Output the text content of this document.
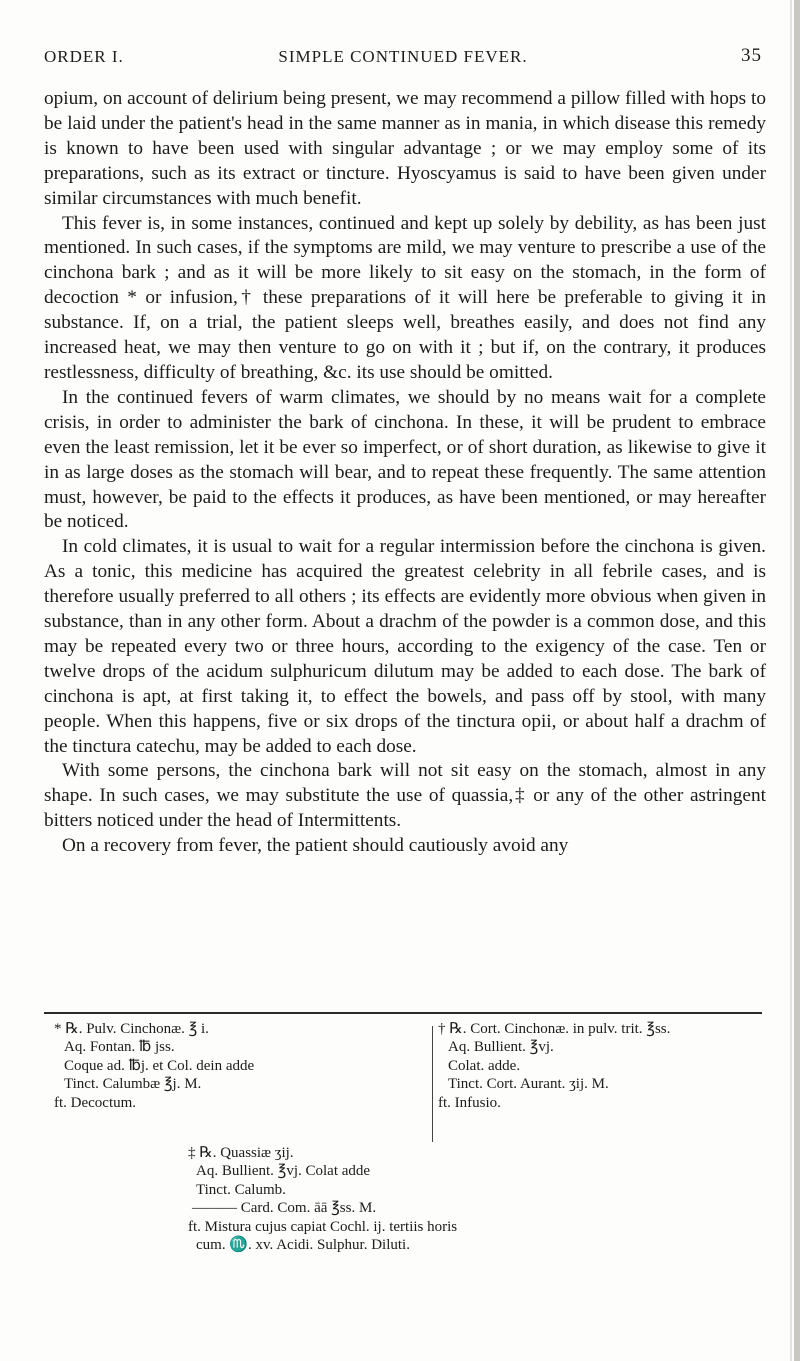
ORDER I.	SIMPLE CONTINUED FEVER.	35

opium, on account of delirium being present, we may recommend a pillow filled with hops to be laid under the patient's head in the same manner as in mania, in which disease this remedy is known to have been used with singular advantage ; or we may employ some of its preparations, such as its extract or tincture. Hyoscyamus is said to have been given under similar circumstances with much benefit.

This fever is, in some instances, continued and kept up solely by debility, as has been just mentioned. In such cases, if the symptoms are mild, we may venture to prescribe a use of the cinchona bark ; and as it will be more likely to sit easy on the stomach, in the form of decoction * or infusion,† these preparations of it will here be preferable to giving it in substance. If, on a trial, the patient sleeps well, breathes easily, and does not find any increased heat, we may then venture to go on with it ; but if, on the contrary, it produces restlessness, difficulty of breathing, &c. its use should be omitted.

In the continued fevers of warm climates, we should by no means wait for a complete crisis, in order to administer the bark of cinchona. In these, it will be prudent to embrace even the least remission, let it be ever so imperfect, or of short duration, as likewise to give it in as large doses as the stomach will bear, and to repeat these frequently. The same attention must, however, be paid to the effects it produces, as have been mentioned, or may hereafter be noticed.

In cold climates, it is usual to wait for a regular intermission before the cinchona is given. As a tonic, this medicine has acquired the greatest celebrity in all febrile cases, and is therefore usually preferred to all others ; its effects are evidently more obvious when given in substance, than in any other form. About a drachm of the powder is a common dose, and this may be repeated every two or three hours, according to the exigency of the case. Ten or twelve drops of the acidum sulphuricum dilutum may be added to each dose. The bark of cinchona is apt, at first taking it, to effect the bowels, and pass off by stool, with many people. When this happens, five or six drops of the tinctura opii, or about half a drachm of the tinctura catechu, may be added to each dose.

With some persons, the cinchona bark will not sit easy on the stomach, almost in any shape. In such cases, we may substitute the use of quassia,‡ or any of the other astringent bitters noticed under the head of Intermittents.

On a recovery from fever, the patient should cautiously avoid any

* ℞. Pulv. Cinchonæ. ℥ i.
Aq. Fontan. ℔ jss.
Coque ad. ℔j. et Col. dein adde
Tinct. Calumbæ ℥j. M.
ft. Decoctum.
† ℞. Cort. Cinchonæ. in pulv. trit. ℥ss.
Aq. Bullient. ℥vj.
Colat. adde.
Tinct. Cort. Aurant. ʒij. M.
ft. Infusio.
‡ ℞. Quassiæ ʒij.
Aq. Bullient. ℥vj. Colat adde
Tinct. Calumb.
——— Card. Com. āā ℥ss. M.
ft. Mistura cujus capiat Cochl. ij. tertiis horis
cum. ♏. xv. Acidi. Sulphur. Diluti.
